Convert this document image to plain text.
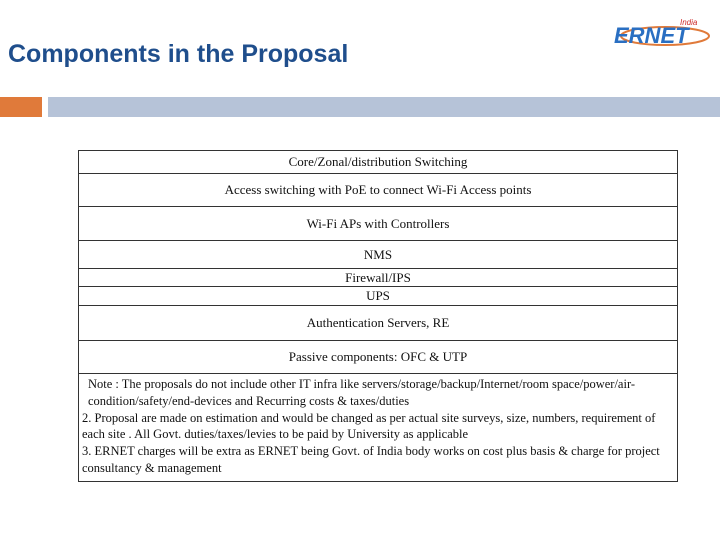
Components in the Proposal
ERNET
India
Core/Zonal/distribution Switching
Access switching with PoE to connect Wi-Fi Access points
Wi-Fi APs with Controllers
NMS
Firewall/IPS
UPS
Authentication Servers, RE
Passive components: OFC & UTP
Note : The proposals do not include other IT infra like servers/storage/backup/Internet/room space/power/air-condition/safety/end-devices and Recurring costs & taxes/duties
2. Proposal are made on estimation and would be changed as per actual site surveys, size, numbers, requirement of each site . All Govt. duties/taxes/levies to be paid by University as applicable
3. ERNET charges will be extra as ERNET being Govt. of India body works on cost plus basis & charge for project consultancy & management
